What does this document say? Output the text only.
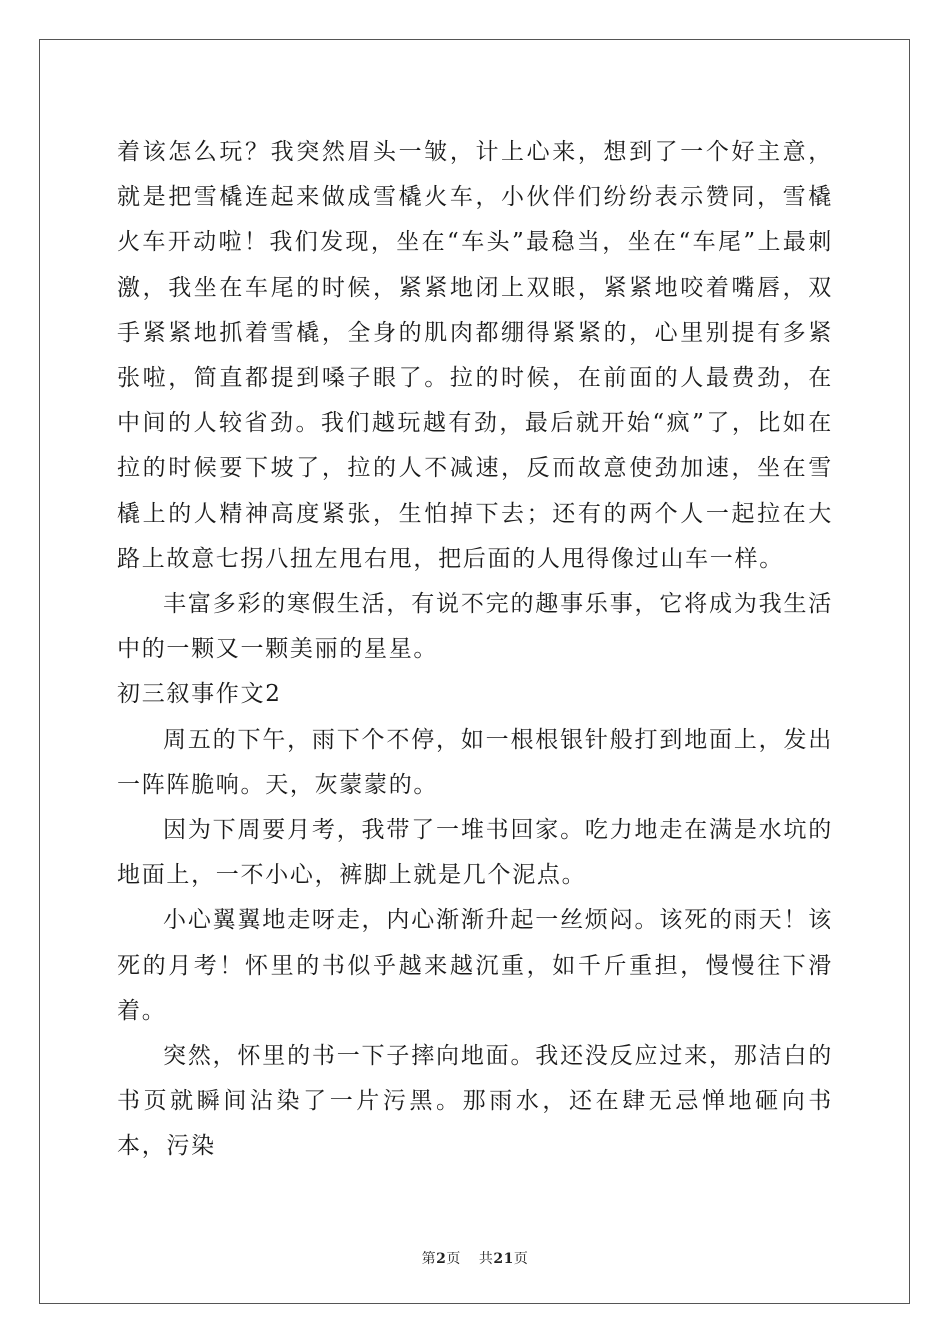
着该怎么玩？我突然眉头一皱，计上心来，想到了一个好主意，就是把雪橇连起来做成雪橇火车，小伙伴们纷纷表示赞同，雪橇火车开动啦！我们发现，坐在“车头”最稳当，坐在“车尾”上最刺激，我坐在车尾的时候，紧紧地闭上双眼，紧紧地咬着嘴唇，双手紧紧地抓着雪橇，全身的肌肉都绷得紧紧的，心里别提有多紧张啦，简直都提到嗓子眼了。拉的时候，在前面的人最费劲，在中间的人较省劲。我们越玩越有劲，最后就开始“疯”了，比如在拉的时候要下坡了，拉的人不减速，反而故意使劲加速，坐在雪橇上的人精神高度紧张，生怕掉下去；还有的两个人一起拉在大路上故意七拐八扭左甩右甩，把后面的人甩得像过山车一样。

丰富多彩的寒假生活，有说不完的趣事乐事，它将成为我生活中的一颗又一颗美丽的星星。

初三叙事作文2

周五的下午，雨下个不停，如一根根银针般打到地面上，发出一阵阵脆响。天，灰蒙蒙的。

因为下周要月考，我带了一堆书回家。吃力地走在满是水坑的地面上，一不小心，裤脚上就是几个泥点。

小心翼翼地走呀走，内心渐渐升起一丝烦闷。该死的雨天！该死的月考！怀里的书似乎越来越沉重，如千斤重担，慢慢往下滑着。

突然，怀里的书一下子摔向地面。我还没反应过来，那洁白的书页就瞬间沾染了一片污黑。那雨水，还在肆无忌惮地砸向书本，污染

第2页 共21页
